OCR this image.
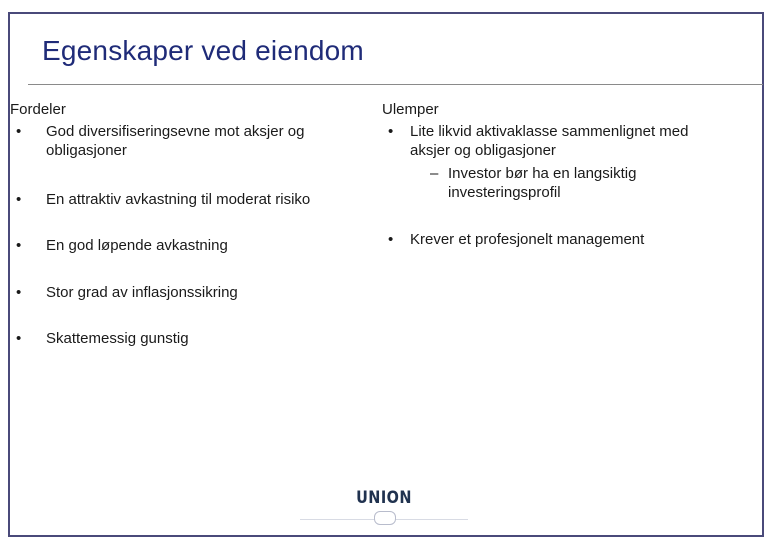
Egenskaper ved eiendom
Fordeler
•	God diversifiseringsevne mot aksjer og obligasjoner
•	En attraktiv avkastning til moderat risiko
•	En god løpende avkastning
•	Stor grad av inflasjonssikring
•	Skattemessig gunstig
Ulemper
•	Lite likvid aktivaklasse sammenlignet med aksjer og obligasjoner
– Investor bør ha en langsiktig investeringsprofil
•	Krever et profesjonelt management
UNION
